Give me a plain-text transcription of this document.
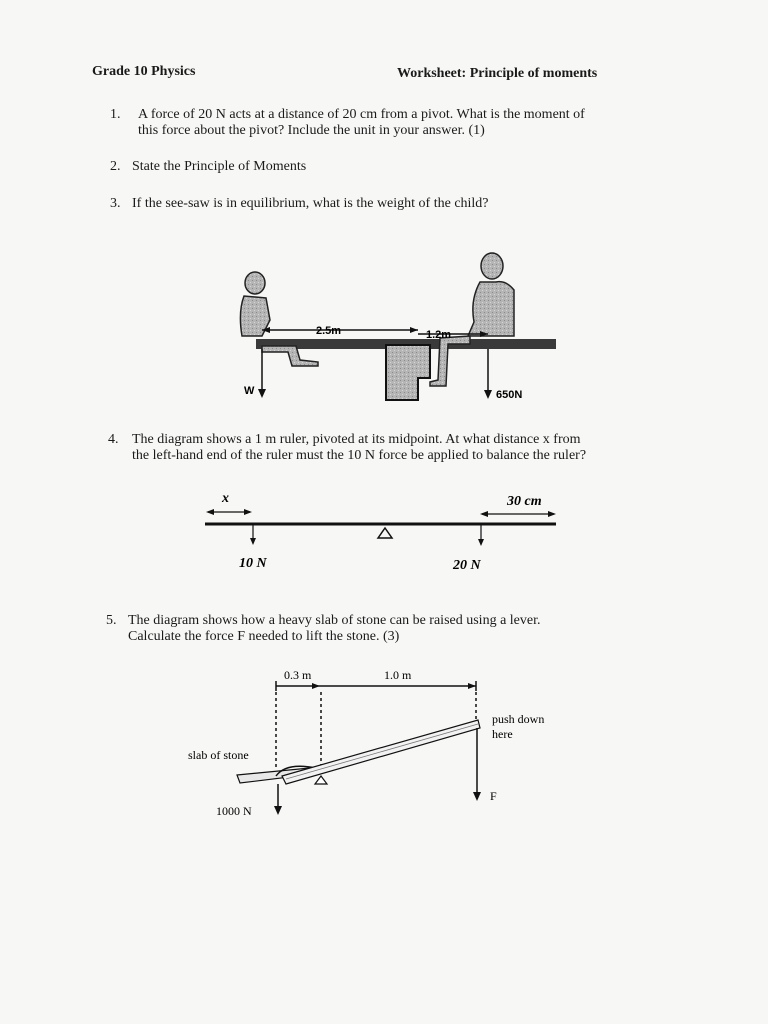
Grade 10 Physics	Worksheet: Principle of moments
1. A force of 20 N acts at a distance of 20 cm from a pivot. What is the moment of
this force about the pivot? Include the unit in your answer. (1)
2. State the Principle of Moments
3. If the see-saw is in equilibrium, what is the weight of the child?
4. The diagram shows a 1 m ruler, pivoted at its midpoint. At what distance x from
the left-hand end of the ruler must the 10 N force be applied to balance the ruler?
5. The diagram shows how a heavy slab of stone can be raised using a lever.
Calculate the force F needed to lift the stone. (3)
2.5m	1.2m
W	650N
x	30 cm
10 N	20 N
0.3 m	1.0 m
1000 N
slab of stone
F
push down
here
